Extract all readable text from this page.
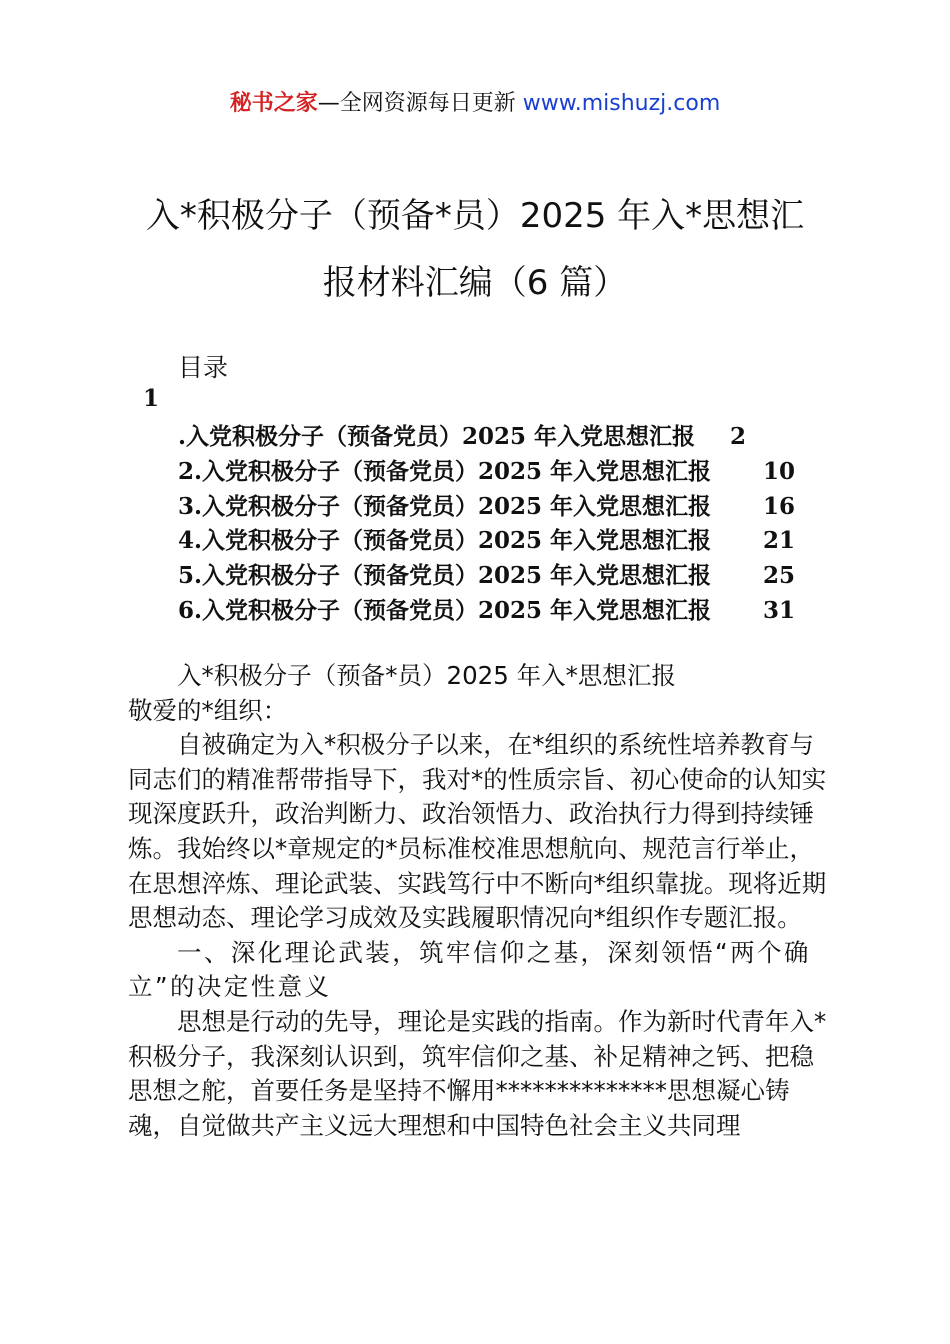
秘书之家—全网资源每日更新 www.mishuzj.com
入*积极分子（预备*员）2025 年入*思想汇
报材料汇编（6 篇）
目录
1
.入党积极分子（预备党员）2025 年入党思想汇报 2
2.入党积极分子（预备党员）2025 年入党思想汇报 10
3.入党积极分子（预备党员）2025 年入党思想汇报 16
4.入党积极分子（预备党员）2025 年入党思想汇报 21
5.入党积极分子（预备党员）2025 年入党思想汇报 25
6.入党积极分子（预备党员）2025 年入党思想汇报 31

入*积极分子（预备*员）2025 年入*思想汇报

敬爱的*组织：

自被确定为入*积极分子以来，在*组织的系统性培养教育与同志们的精准帮带指导下，我对*的性质宗旨、初心使命的认知实现深度跃升，政治判断力、政治领悟力、政治执行力得到持续锤炼。我始终以*章规定的*员标准校准思想航向、规范言行举止，在思想淬炼、理论武装、实践笃行中不断向*组织靠拢。现将近期思想动态、理论学习成效及实践履职情况向*组织作专题汇报。

一、深化理论武装，筑牢信仰之基，深刻领悟“两个确立”的决定性意义

思想是行动的先导，理论是实践的指南。作为新时代青年入*积极分子，我深刻认识到，筑牢信仰之基、补足精神之钙、把稳思想之舵，首要任务是坚持不懈用**************思想凝心铸魂，自觉做共产主义远大理想和中国特色社会主义共同理
